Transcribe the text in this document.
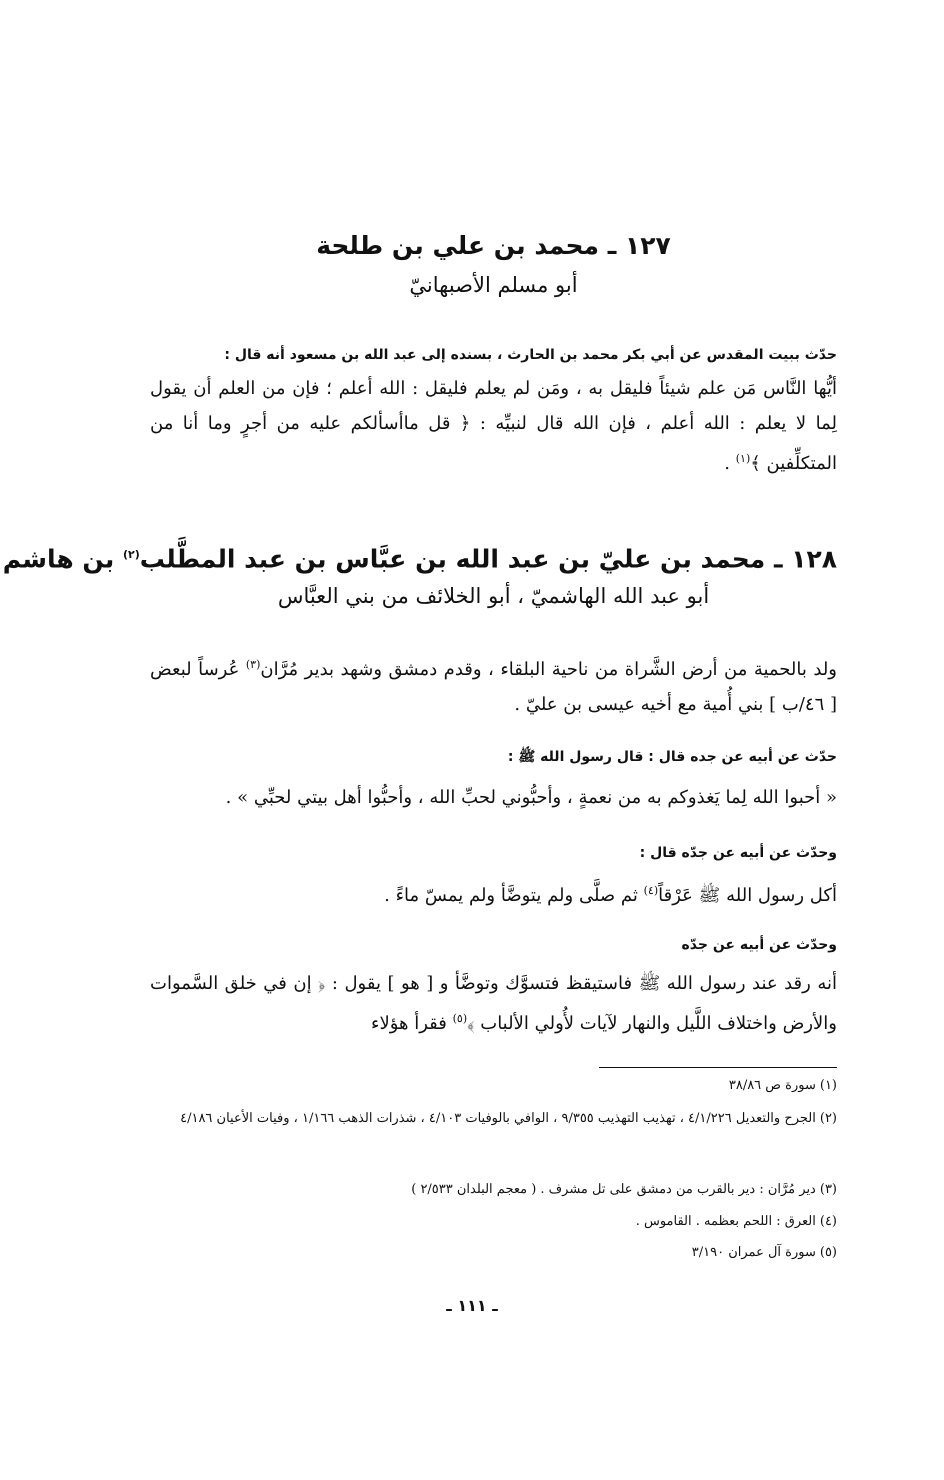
١٢٧ ـ محمد بن علي بن طلحة
أبو مسلم الأصبهانيّ
حدّث ببيت المقدس عن أبي بكر محمد بن الحارث ، بسنده إلى عبد الله بن مسعود أنه قال :
أيُّها النَّاس مَن علم شيئاً فليقل به ، ومَن لم يعلم فليقل : الله أعلم ؛ فإن من العلم أن يقول لِما لا يعلم : الله أعلم ، فإن الله قال لنبيِّه : ﴿ قل ماأسألكم عليه من أجرٍ وما أنا من المتكلِّفين ﴾$^{(١)}$ .
١٢٨ ـ محمد بن عليّ بن عبد الله بن عبَّاس بن عبد المطَّلب$^{(٢)}$ بن هاشم
أبو عبد الله الهاشميّ ، أبو الخلائف من بني العبَّاس
ولد بالحمية من أرض الشَّراة من ناحية البلقاء ، وقدم دمشق وشهد بدير مُرَّان$^{(٣)}$ عُرساً لبعض [ ٤٦/ب ] بني أُمية مع أخيه عيسى بن عليّ .
حدّث عن أبيه عن جده قال : قال رسول الله ﷺ :
« أحبوا الله لِما يَغذوكم به من نعمةٍ ، وأحبُّوني لحبِّ الله ، وأحبُّوا أهل بيتي لحبِّي » .
وحدّث عن أبيه عن جدّه قال :
أكل رسول الله ﷺ عَرْقاً$^{(٤)}$ ثم صلَّى ولم يتوضَّأ ولم يمسّ ماءً .
وحدّث عن أبيه عن جدّه
أنه رقد عند رسول الله ﷺ فاستيقظ فتسوَّك وتوضَّأ و [ هو ] يقول : ﴿ إن في خلق السَّموات والأرض واختلاف اللَّيل والنهار لآيات لأُولي الألباب ﴾$^{(٥)}$ فقرأ هؤلاء
(١)سورة ص ٣٨/٨٦
(٢)الجرح والتعديل ٤/١/٢٢٦ ، تهذيب التهذيب ٩/٣٥٥ ، الوافي بالوفيات ٤/١٠٣ ، شذرات الذهب ١/١٦٦ ، وفيات الأعيان ٤/١٨٦
(٣)دير مُرَّان : دير بالقرب من دمشق على تل مشرف . ( معجم البلدان ٢/٥٣٣ )
(٤)العرق : اللحم بعظمه . القاموس .
(٥)سورة آل عمران ٣/١٩٠
ـ ١١١ ـ
